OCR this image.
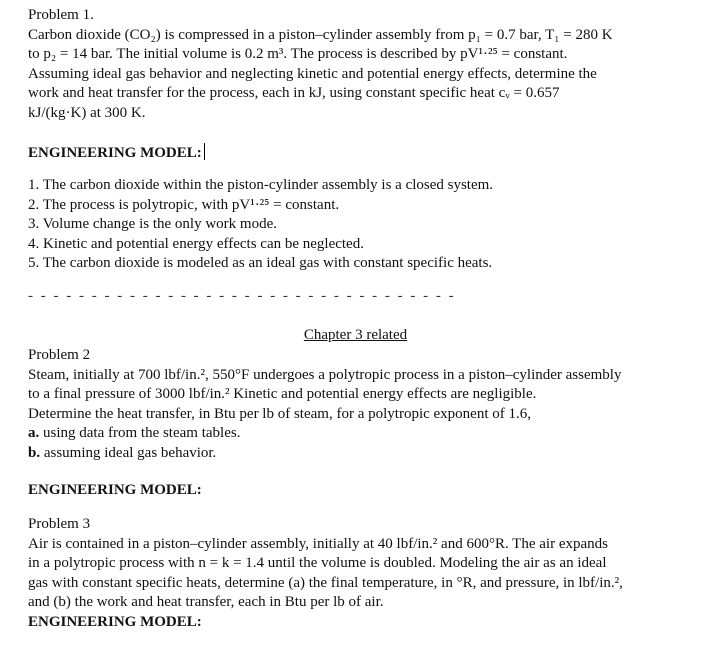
Problem 1.
Carbon dioxide (CO₂) is compressed in a piston–cylinder assembly from p₁ = 0.7 bar, T₁ = 280 K
to p₂ = 14 bar. The initial volume is 0.2 m³. The process is described by pV¹·²⁵ = constant.
Assuming ideal gas behavior and neglecting kinetic and potential energy effects, determine the
work and heat transfer for the process, each in kJ, using constant specific heat cᵥ = 0.657
kJ/(kg·K) at 300 K.
ENGINEERING MODEL:
1. The carbon dioxide within the piston-cylinder assembly is a closed system.
2. The process is polytropic, with pV¹·²⁵ = constant.
3. Volume change is the only work mode.
4. Kinetic and potential energy effects can be neglected.
5. The carbon dioxide is modeled as an ideal gas with constant specific heats.
- - - - - - - - - - - - - - - - - - - - - - - - - - - - - - - - - -
Chapter 3 related
Problem 2
Steam, initially at 700 lbf/in.², 550°F undergoes a polytropic process in a piston–cylinder assembly
to a final pressure of 3000 lbf/in.² Kinetic and potential energy effects are negligible.
Determine the heat transfer, in Btu per lb of steam, for a polytropic exponent of 1.6,
a. using data from the steam tables.
b. assuming ideal gas behavior.
ENGINEERING MODEL:
Problem 3
Air is contained in a piston–cylinder assembly, initially at 40 lbf/in.² and 600°R. The air expands
in a polytropic process with n = k = 1.4 until the volume is doubled. Modeling the air as an ideal
gas with constant specific heats, determine (a) the final temperature, in °R, and pressure, in lbf/in.²,
and (b) the work and heat transfer, each in Btu per lb of air.
ENGINEERING MODEL:
